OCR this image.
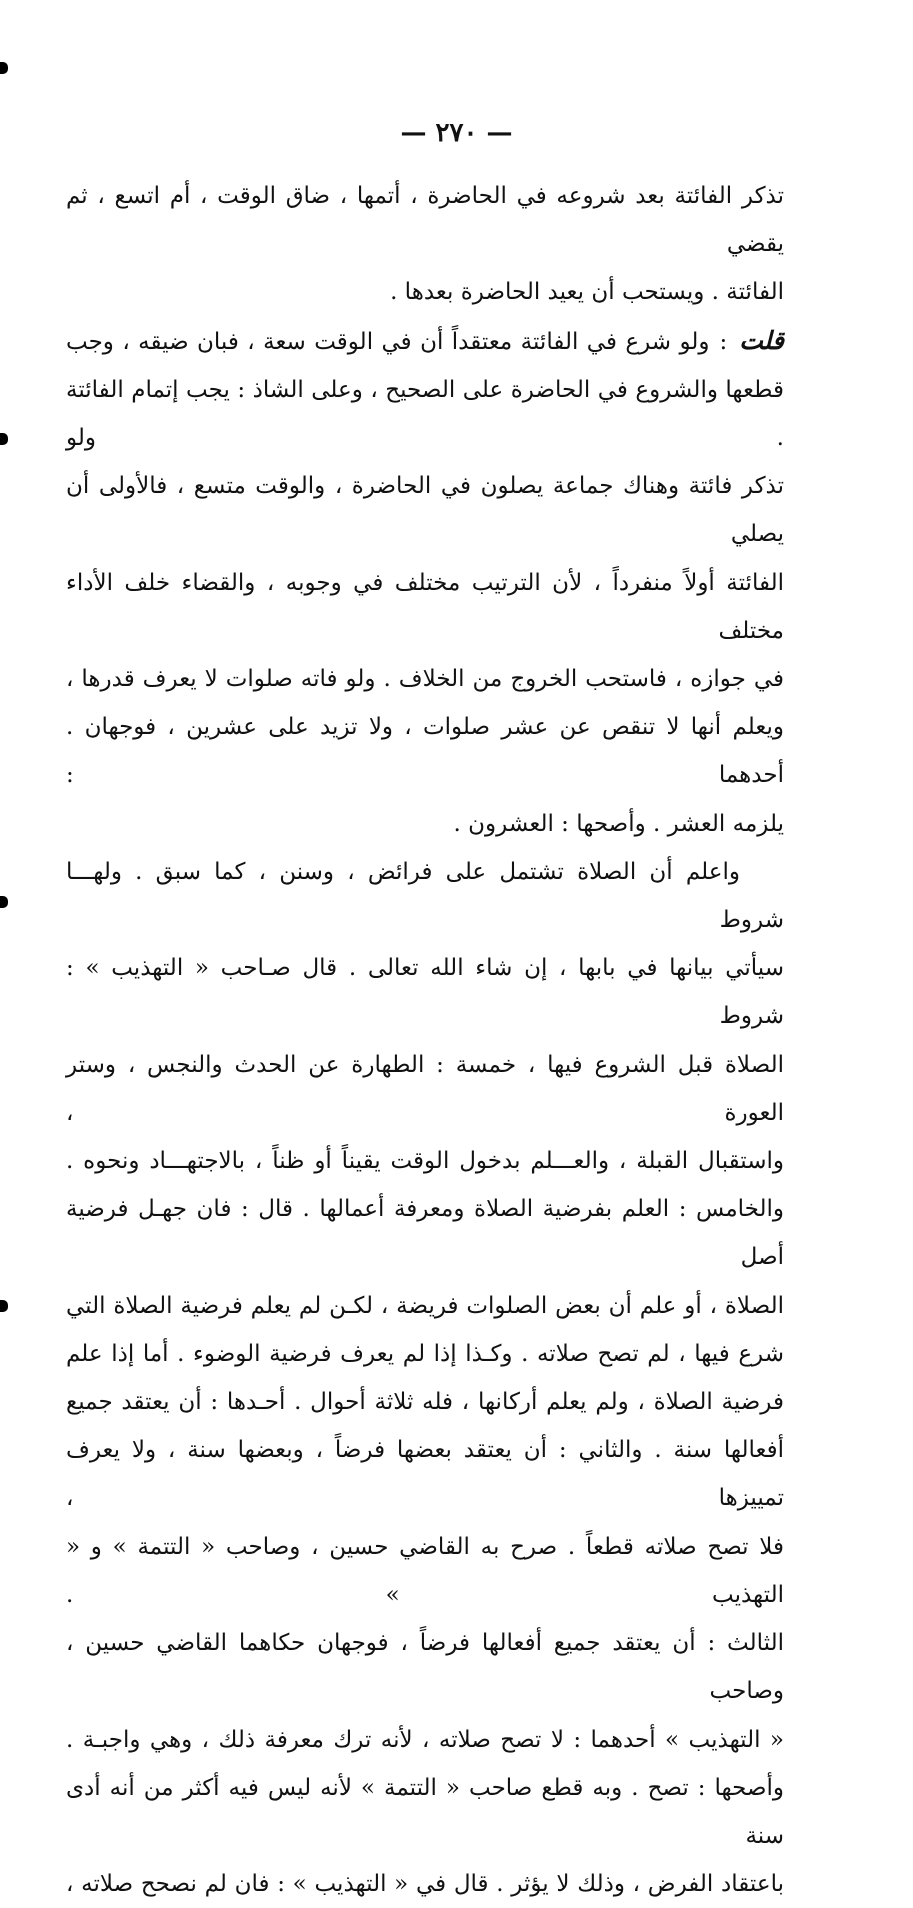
— ٢٧٠ —

تذكر الفائتة بعد شروعه في الحاضرة ، أتمها ، ضاق الوقت ، أم اتسع ، ثم يقضي

الفائتة . ويستحب أن يعيد الحاضرة بعدها .

قلت:ولو شرع في الفائتة معتقداً أن في الوقت سعة ، فبان ضيقه ، وجب

قطعها والشروع في الحاضرة على الصحيح ، وعلى الشاذ : يجب إتمام الفائتة . ولو

تذكر فائتة وهناك جماعة يصلون في الحاضرة ، والوقت متسع ، فالأولى أن يصلي

الفائتة أولاً منفرداً ، لأن الترتيب مختلف في وجوبه ، والقضاء خلف الأداء مختلف

في جوازه ، فاستحب الخروج من الخلاف . ولو فاته صلوات لا يعرف قدرها ،

ويعلم أنها لا تنقص عن عشر صلوات ، ولا تزيد على عشرين ، فوجهان . أحدهما :

يلزمه العشر . وأصحها : العشرون .

واعلم أن الصلاة تشتمل على فرائض ، وسنن ، كما سبق . ولهـــا شروط

سيأتي بيانها في بابها ، إن شاء الله تعالى . قال صـاحب « التهذيب » : شروط

الصلاة قبل الشروع فيها ، خمسة : الطهارة عن الحدث والنجس ، وستر العورة ،

واستقبال القبلة ، والعـــلم بدخول الوقت يقيناً أو ظناً ، بالاجتهـــاد ونحوه .

والخامس : العلم بفرضية الصلاة ومعرفة أعمالها . قال : فان جهـل فرضية أصل

الصلاة ، أو علم أن بعض الصلوات فريضة ، لكـن لم يعلم فرضية الصلاة التي

شرع فيها ، لم تصح صلاته . وكـذا إذا لم يعرف فرضية الوضوء . أما إذا علم

فرضية الصلاة ، ولم يعلم أركانها ، فله ثلاثة أحوال . أحـدها : أن يعتقد جميع

أفعالها سنة . والثاني : أن يعتقد بعضها فرضاً ، وبعضها سنة ، ولا يعرف تمييزها ،

فلا تصح صلاته قطعاً . صرح به القاضي حسين ، وصاحب « التتمة » و « التهذيب » .

الثالث : أن يعتقد جميع أفعالها فرضاً ، فوجهان حكاهما القاضي حسين ، وصاحب

« التهذيب » أحدهما : لا تصح صلاته ، لأنه ترك معرفة ذلك ، وهي واجبـة .

وأصحها : تصح . وبه قطع صاحب « التتمة » لأنه ليس فيه أكثر من أنه أدى سنة

باعتقاد الفرض ، وذلك لا يؤثر . قال في « التهذيب » : فان لم نصحح صلاته ،
